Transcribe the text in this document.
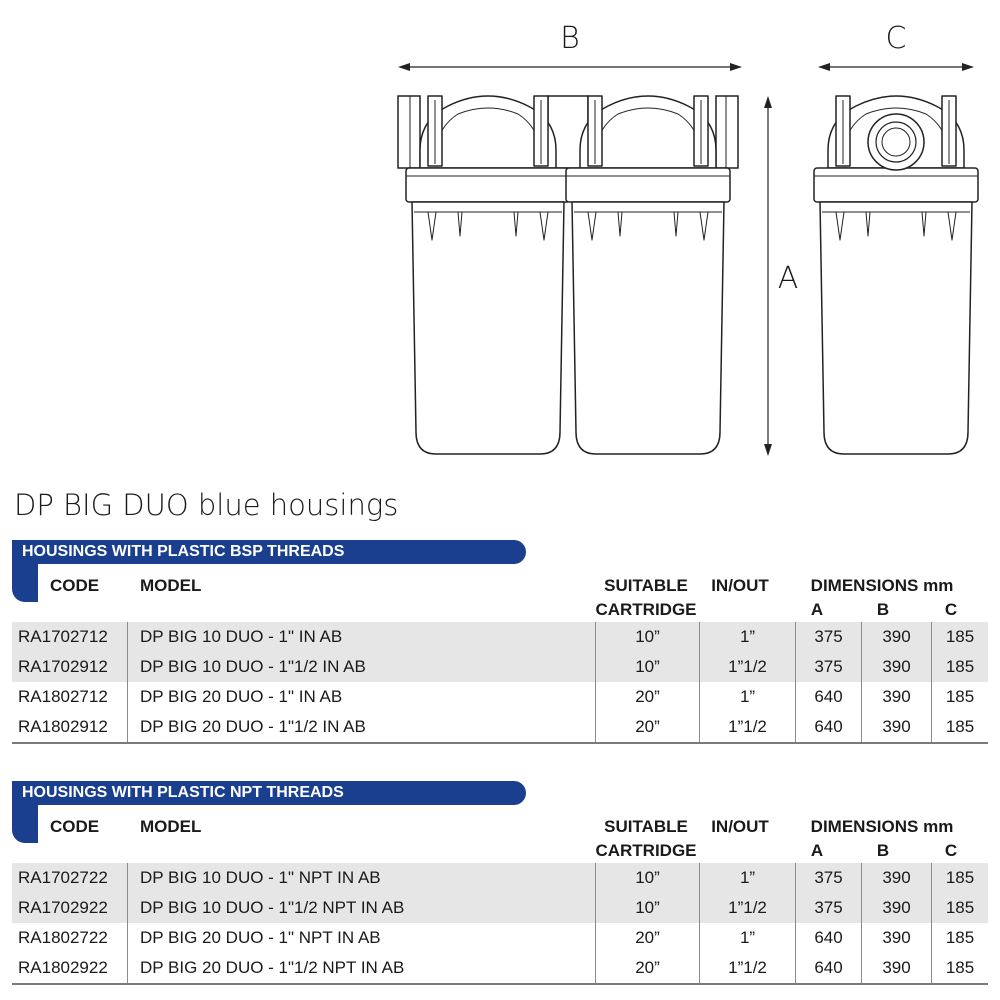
B	C
A
DP BIG DUO blue housings
HOUSINGS WITH PLASTIC BSP THREADS
CODE MODEL	SUITABLE
CARTRIDGE
IN/OUT	DIMENSIONS mm
A	B	C
RA1702712	DP BIG 10 DUO - 1" IN AB	10”	1”	375	390	185
RA1702912	DP BIG 10 DUO - 1"1/2 IN AB	10”	1”1/2	375	390	185
RA1802712	DP BIG 20 DUO - 1" IN AB	20”	1”	640	390	185
RA1802912	DP BIG 20 DUO - 1"1/2 IN AB	20”	1”1/2	640	390	185
HOUSINGS WITH PLASTIC NPT THREADS
CODE MODEL	SUITABLE
CARTRIDGE
IN/OUT	DIMENSIONS mm
A	B	C
RA1702722	DP BIG 10 DUO - 1" NPT IN AB	10”	1”	375	390	185
RA1702922	DP BIG 10 DUO - 1"1/2 NPT IN AB	10”	1”1/2	375	390	185
RA1802722	DP BIG 20 DUO - 1" NPT IN AB	20”	1”	640	390	185
RA1802922	DP BIG 20 DUO - 1"1/2 NPT IN AB	20”	1”1/2	640	390	185
